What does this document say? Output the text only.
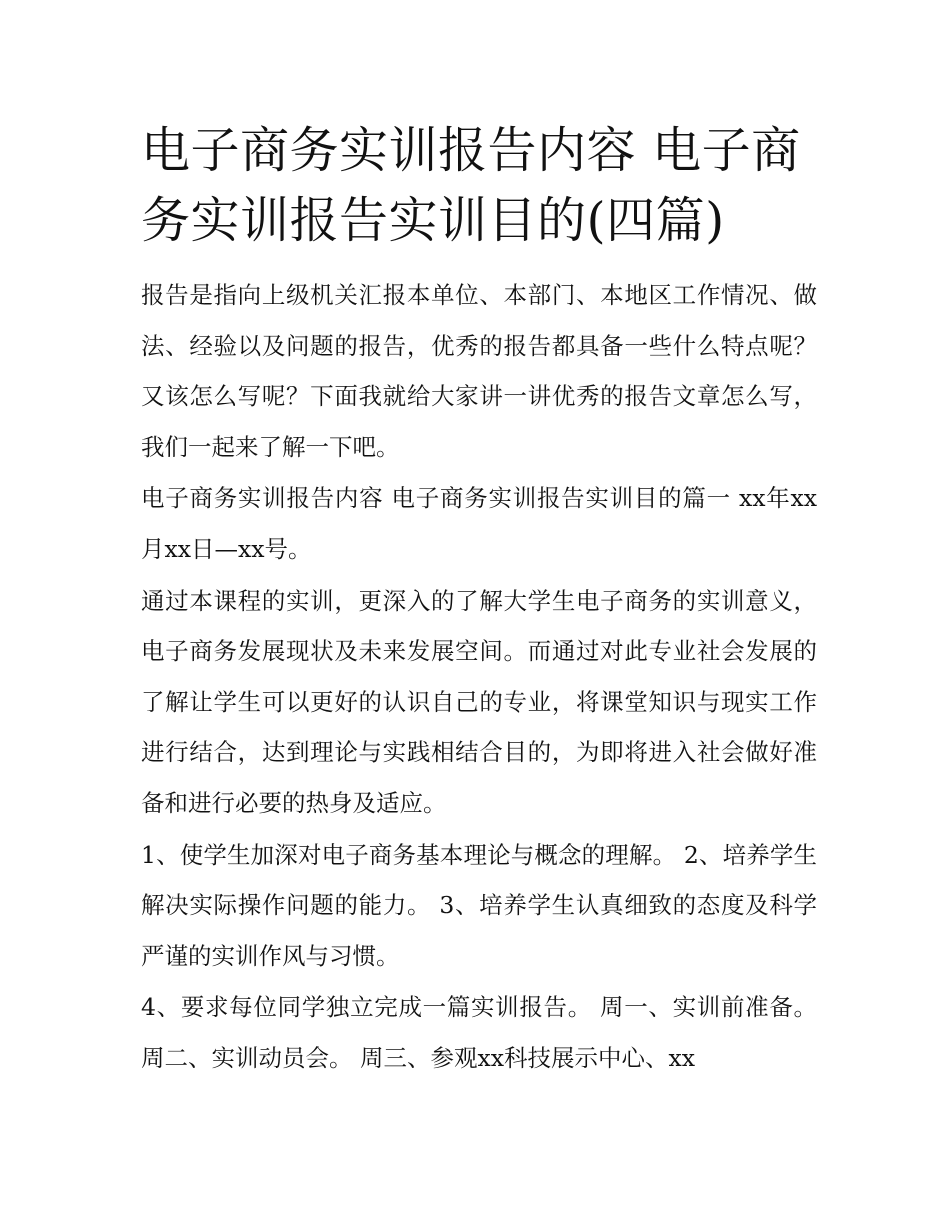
电子商务实训报告内容 电子商务实训报告实训目的(四篇)

报告是指向上级机关汇报本单位、本部门、本地区工作情况、做法、经验以及问题的报告，优秀的报告都具备一些什么特点呢？又该怎么写呢？下面我就给大家讲一讲优秀的报告文章怎么写，我们一起来了解一下吧。

电子商务实训报告内容 电子商务实训报告实训目的篇一 xx年xx月xx日—xx号。

通过本课程的实训，更深入的了解大学生电子商务的实训意义，电子商务发展现状及未来发展空间。而通过对此专业社会发展的了解让学生可以更好的认识自己的专业，将课堂知识与现实工作进行结合，达到理论与实践相结合目的，为即将进入社会做好准备和进行必要的热身及适应。

1、使学生加深对电子商务基本理论与概念的理解。 2、培养学生解决实际操作问题的能力。 3、培养学生认真细致的态度及科学严谨的实训作风与习惯。

4、要求每位同学独立完成一篇实训报告。 周一、实训前准备。 周二、实训动员会。 周三、参观xx科技展示中心、xx
